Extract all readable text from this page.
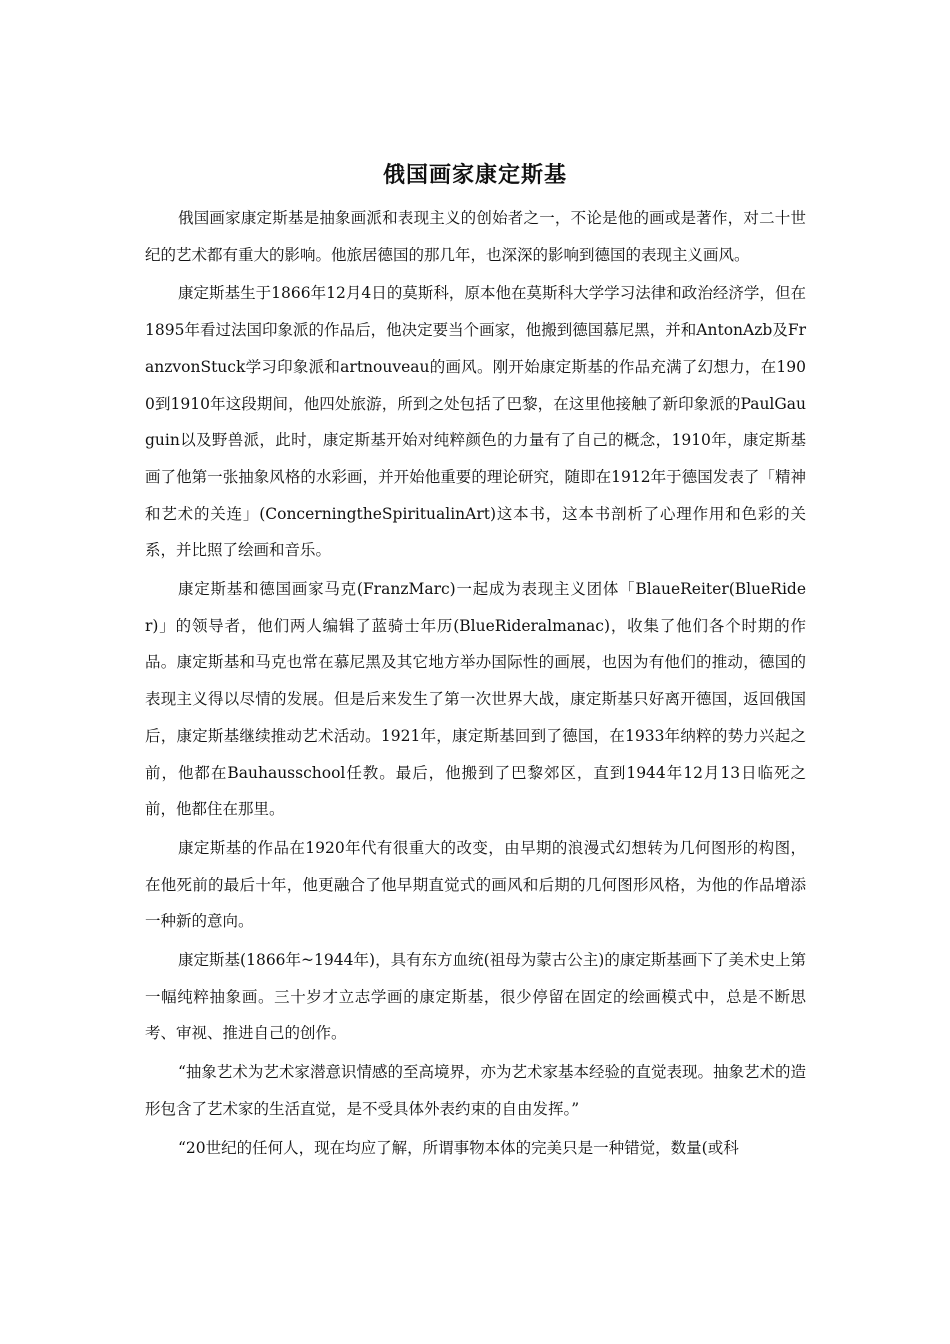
俄国画家康定斯基

俄国画家康定斯基是抽象画派和表现主义的创始者之一，不论是他的画或是著作，对二十世纪的艺术都有重大的影响。他旅居德国的那几年，也深深的影响到德国的表现主义画风。

康定斯基生于1866年12月4日的莫斯科，原本他在莫斯科大学学习法律和政治经济学，但在1895年看过法国印象派的作品后，他决定要当个画家，他搬到德国慕尼黑，并和AntonAzb及FranzvonStuck学习印象派和artnouveau的画风。刚开始康定斯基的作品充满了幻想力，在1900到1910年这段期间，他四处旅游，所到之处包括了巴黎，在这里他接触了新印象派的PaulGauguin以及野兽派，此时，康定斯基开始对纯粹颜色的力量有了自己的概念，1910年，康定斯基画了他第一张抽象风格的水彩画，并开始他重要的理论研究，随即在1912年于德国发表了「精神和艺术的关连」(ConcerningtheSpiritualinArt)这本书，这本书剖析了心理作用和色彩的关系，并比照了绘画和音乐。

康定斯基和德国画家马克(FranzMarc)一起成为表现主义团体「BlaueReiter(BlueRider)」的领导者，他们两人编辑了蓝骑士年历(BlueRideralmanac)，收集了他们各个时期的作品。康定斯基和马克也常在慕尼黑及其它地方举办国际性的画展，也因为有他们的推动，德国的表现主义得以尽情的发展。但是后来发生了第一次世界大战，康定斯基只好离开德国，返回俄国后，康定斯基继续推动艺术活动。1921年，康定斯基回到了德国，在1933年纳粹的势力兴起之前，他都在Bauhausschool任教。最后，他搬到了巴黎郊区，直到1944年12月13日临死之前，他都住在那里。

康定斯基的作品在1920年代有很重大的改变，由早期的浪漫式幻想转为几何图形的构图，在他死前的最后十年，他更融合了他早期直觉式的画风和后期的几何图形风格，为他的作品增添一种新的意向。

康定斯基(1866年~1944年)，具有东方血统(祖母为蒙古公主)的康定斯基画下了美术史上第一幅纯粹抽象画。三十岁才立志学画的康定斯基，很少停留在固定的绘画模式中，总是不断思考、审视、推进自己的创作。

“抽象艺术为艺术家潜意识情感的至高境界，亦为艺术家基本经验的直觉表现。抽象艺术的造形包含了艺术家的生活直觉，是不受具体外表约束的自由发挥。”

“20世纪的任何人，现在均应了解，所谓事物本体的完美只是一种错觉，数量(或科
